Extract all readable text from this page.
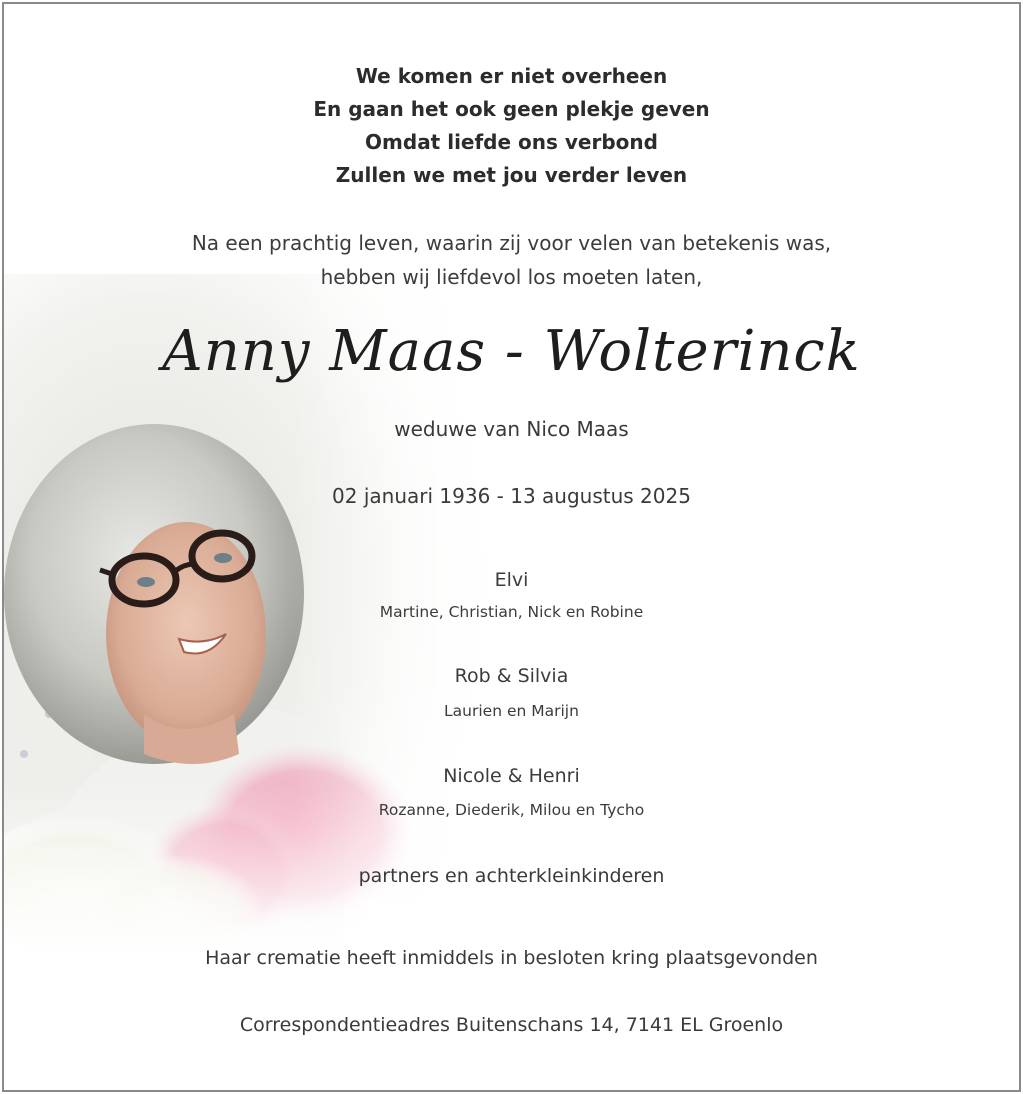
We komen er niet overheen
En gaan het ook geen plekje geven
Omdat liefde ons verbond
Zullen we met jou verder leven
Na een prachtig leven, waarin zij voor velen van betekenis was,
hebben wij liefdevol los moeten laten,
Anny Maas - Wolterinck
weduwe van Nico Maas
02 januari 1936 - 13 augustus 2025
Elvi
Martine, Christian, Nick en Robine
Rob & Silvia
Laurien en Marijn
Nicole & Henri
Rozanne, Diederik, Milou en Tycho
partners en achterkleinkinderen
Haar crematie heeft inmiddels in besloten kring plaatsgevonden
Correspondentieadres Buitenschans 14, 7141 EL Groenlo
